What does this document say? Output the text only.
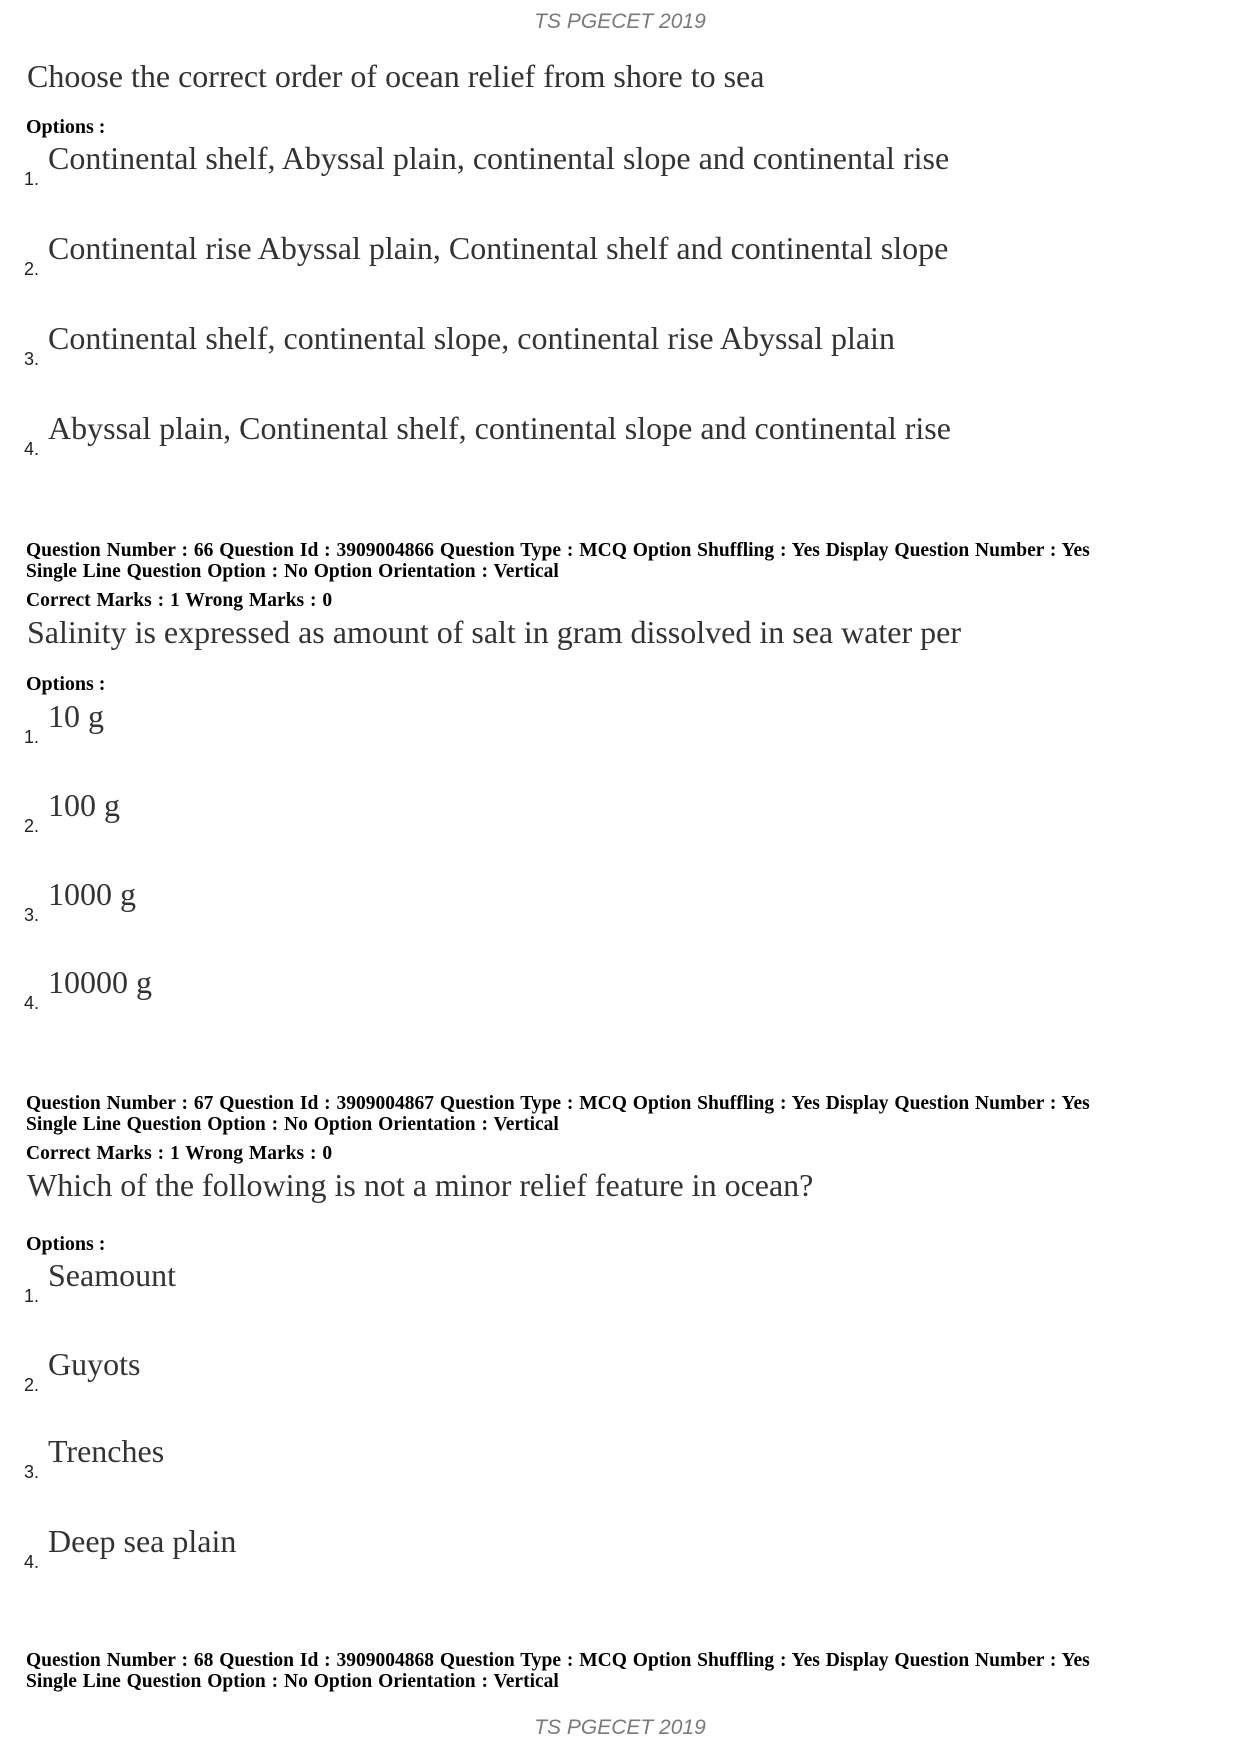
TS PGECET 2019
Choose the correct order of ocean relief from shore to sea
Options :
1.Continental shelf, Abyssal plain, continental slope and continental rise
2.Continental rise Abyssal plain, Continental shelf and continental slope
3.Continental shelf, continental slope, continental rise Abyssal plain
4.Abyssal plain, Continental shelf, continental slope and continental rise
Question Number : 66 Question Id : 3909004866 Question Type : MCQ Option Shuffling : Yes Display Question Number : Yes
Single Line Question Option : No Option Orientation : Vertical
Correct Marks : 1 Wrong Marks : 0
Salinity is expressed as amount of salt in gram dissolved in sea water per
Options :
1.10 g
2.100 g
3.1000 g
4.10000 g
Question Number : 67 Question Id : 3909004867 Question Type : MCQ Option Shuffling : Yes Display Question Number : Yes
Single Line Question Option : No Option Orientation : Vertical
Correct Marks : 1 Wrong Marks : 0
Which of the following is not a minor relief feature in ocean?
Options :
1.Seamount
2.Guyots
3.Trenches
4.Deep sea plain
Question Number : 68 Question Id : 3909004868 Question Type : MCQ Option Shuffling : Yes Display Question Number : Yes
Single Line Question Option : No Option Orientation : Vertical
TS PGECET 2019
